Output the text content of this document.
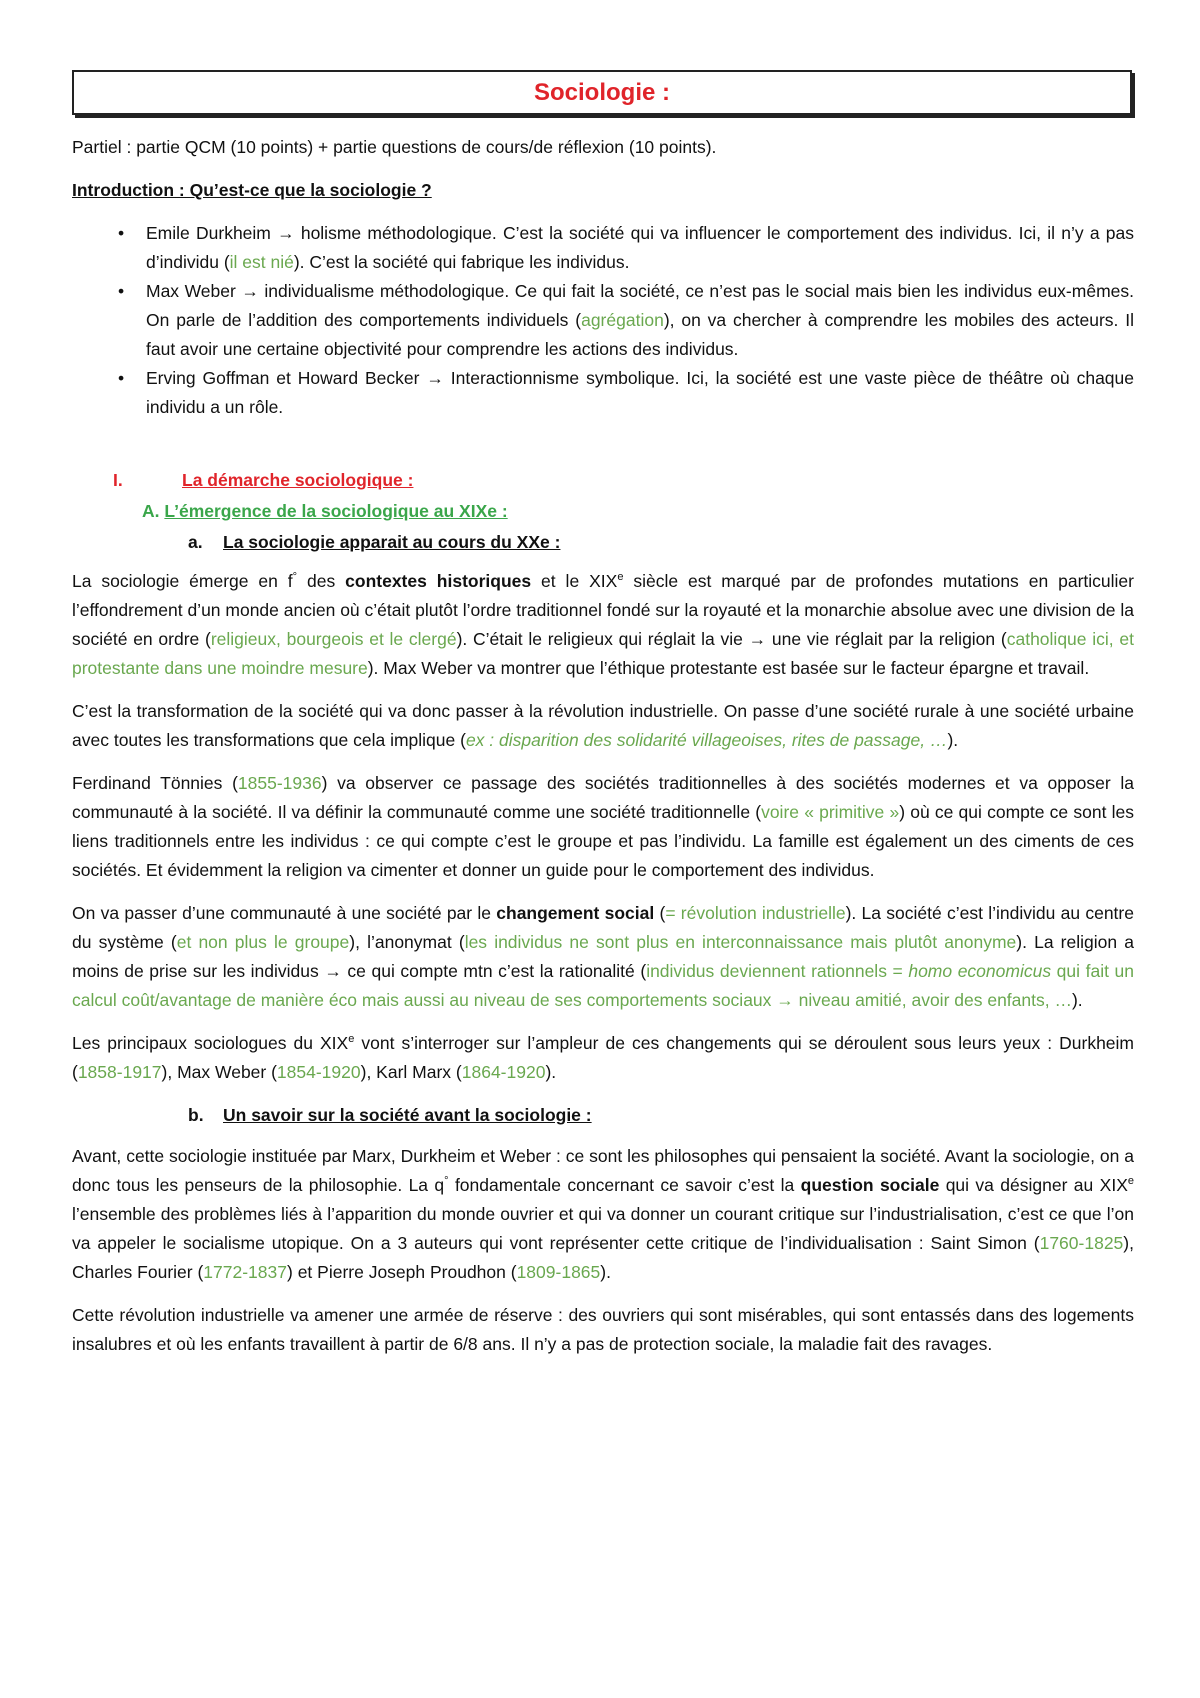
Sociologie :

Partiel : partie QCM (10 points) + partie questions de cours/de réflexion (10 points).

Introduction : Qu’est-ce que la sociologie ?

• Emile Durkheim → holisme méthodologique. C’est la société qui va influencer le comportement des individus. Ici, il n’y a pas d’individu (il est nié). C’est la société qui fabrique les individus.
• Max Weber → individualisme méthodologique. Ce qui fait la société, ce n’est pas le social mais bien les individus eux-mêmes. On parle de l’addition des comportements individuels (agrégation), on va chercher à comprendre les mobiles des acteurs. Il faut avoir une certaine objectivité pour comprendre les actions des individus.
• Erving Goffman et Howard Becker → Interactionnisme symbolique. Ici, la société est une vaste pièce de théâtre où chaque individu a un rôle.
I.	La démarche sociologique :
A. L’émergence de la sociologique au XIXe :
a. La sociologie apparait au cours du XXe :

La sociologie émerge en f° des contextes historiques et le XIXe siècle est marqué par de profondes mutations en particulier l’effondrement d’un monde ancien où c’était plutôt l’ordre traditionnel fondé sur la royauté et la monarchie absolue avec une division de la société en ordre (religieux, bourgeois et le clergé). C’était le religieux qui réglait la vie → une vie réglait par la religion (catholique ici, et protestante dans une moindre mesure). Max Weber va montrer que l’éthique protestante est basée sur le facteur épargne et travail.

C’est la transformation de la société qui va donc passer à la révolution industrielle. On passe d’une société rurale à une société urbaine avec toutes les transformations que cela implique (ex : disparition des solidarité villageoises, rites de passage, …).

Ferdinand Tönnies (1855-1936) va observer ce passage des sociétés traditionnelles à des sociétés modernes et va opposer la communauté à la société. Il va définir la communauté comme une société traditionnelle (voire « primitive ») où ce qui compte ce sont les liens traditionnels entre les individus : ce qui compte c’est le groupe et pas l’individu. La famille est également un des ciments de ces sociétés. Et évidemment la religion va cimenter et donner un guide pour le comportement des individus.

On va passer d’une communauté à une société par le changement social (= révolution industrielle). La société c’est l’individu au centre du système (et non plus le groupe), l’anonymat (les individus ne sont plus en interconnaissance mais plutôt anonyme). La religion a moins de prise sur les individus → ce qui compte mtn c’est la rationalité (individus deviennent rationnels = homo economicus qui fait un calcul coût/avantage de manière éco mais aussi au niveau de ses comportements sociaux → niveau amitié, avoir des enfants, …).

Les principaux sociologues du XIXe vont s’interroger sur l’ampleur de ces changements qui se déroulent sous leurs yeux : Durkheim (1858-1917), Max Weber (1854-1920), Karl Marx (1864-1920).

b. Un savoir sur la société avant la sociologie :

Avant, cette sociologie instituée par Marx, Durkheim et Weber : ce sont les philosophes qui pensaient la société. Avant la sociologie, on a donc tous les penseurs de la philosophie. La q° fondamentale concernant ce savoir c’est la question sociale qui va désigner au XIXe l’ensemble des problèmes liés à l’apparition du monde ouvrier et qui va donner un courant critique sur l’industrialisation, c’est ce que l’on va appeler le socialisme utopique. On a 3 auteurs qui vont représenter cette critique de l’individualisation : Saint Simon (1760-1825), Charles Fourier (1772-1837) et Pierre Joseph Proudhon (1809-1865).

Cette révolution industrielle va amener une armée de réserve : des ouvriers qui sont misérables, qui sont entassés dans des logements insalubres et où les enfants travaillent à partir de 6/8 ans. Il n’y a pas de protection sociale, la maladie fait des ravages.
